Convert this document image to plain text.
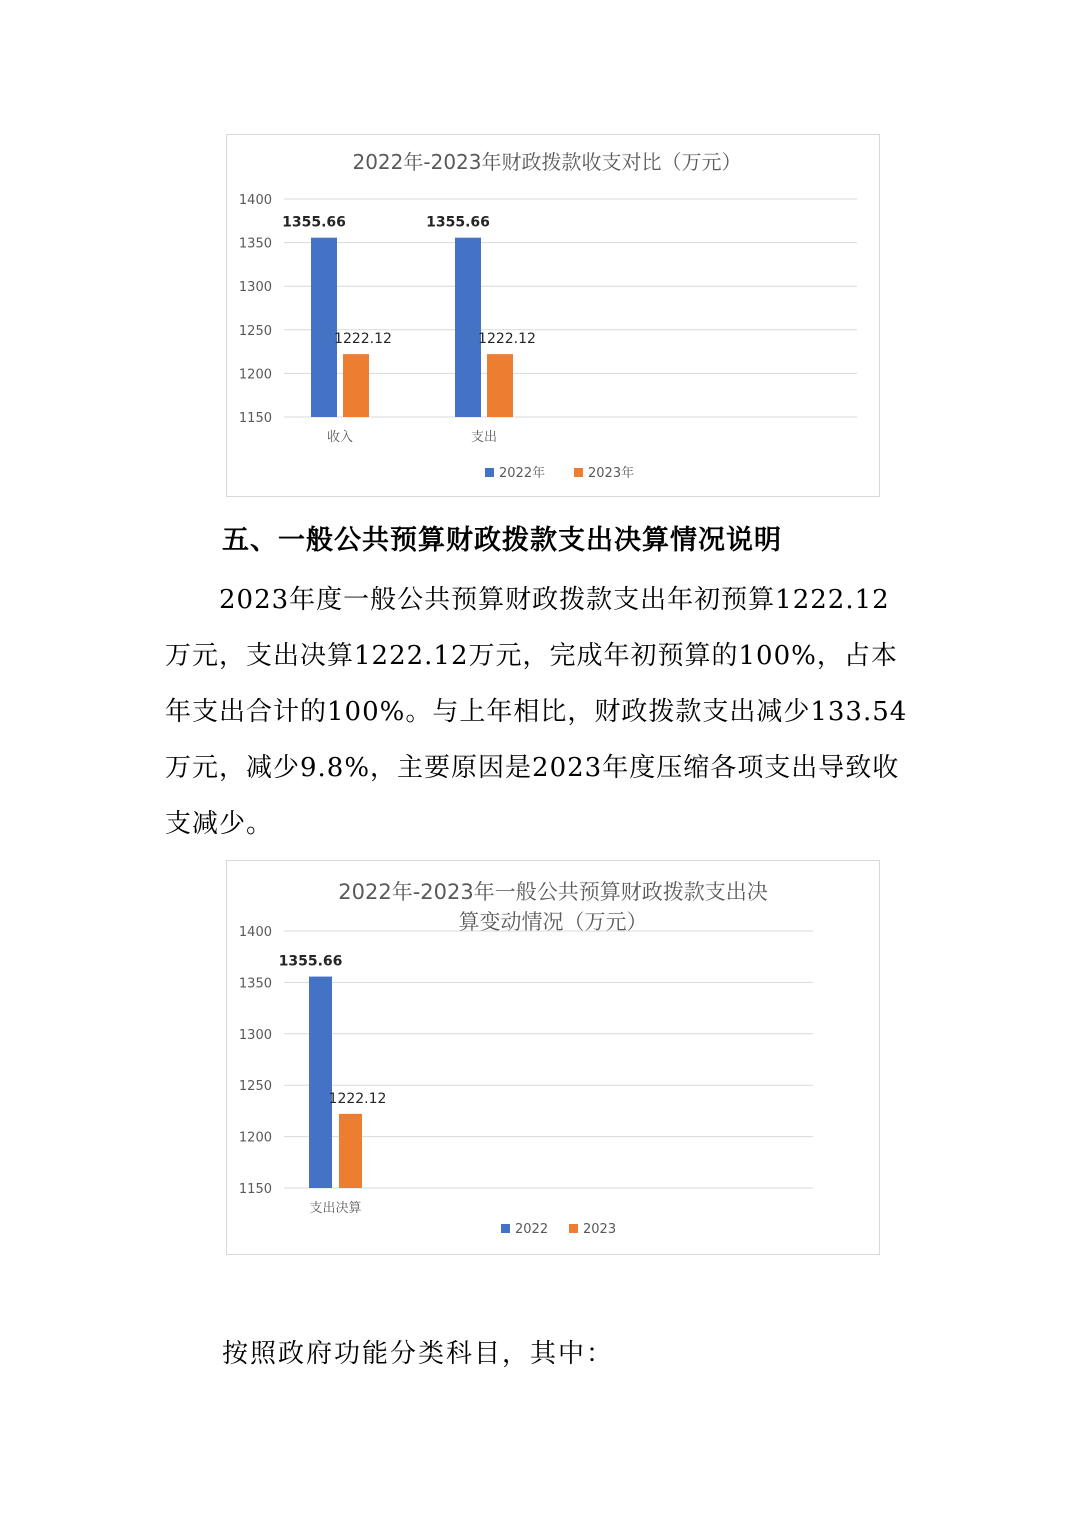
2022年-2023年财政拨款收支对比（万元）
1400
1350
1300
1250
1200
1150
1355.66
1222.12
收入
1355.66
1222.12
支出
2022年	2023年
五、一般公共预算财政拨款支出决算情况说明

　　2023年度一般公共预算财政拨款支出年初预算1222.12

万元，支出决算1222.12万元，完成年初预算的100%，占本

年支出合计的100%。与上年相比，财政拨款支出减少133.54

万元，减少9.8%，主要原因是2023年度压缩各项支出导致收

支减少。

2022年-2023年一般公共预算财政拨款支出决
算变动情况（万元）
1400
1350
1300
1250
1200
1150
1355.66
1222.12
支出决算
2022	2023
按照政府功能分类科目，其中：
